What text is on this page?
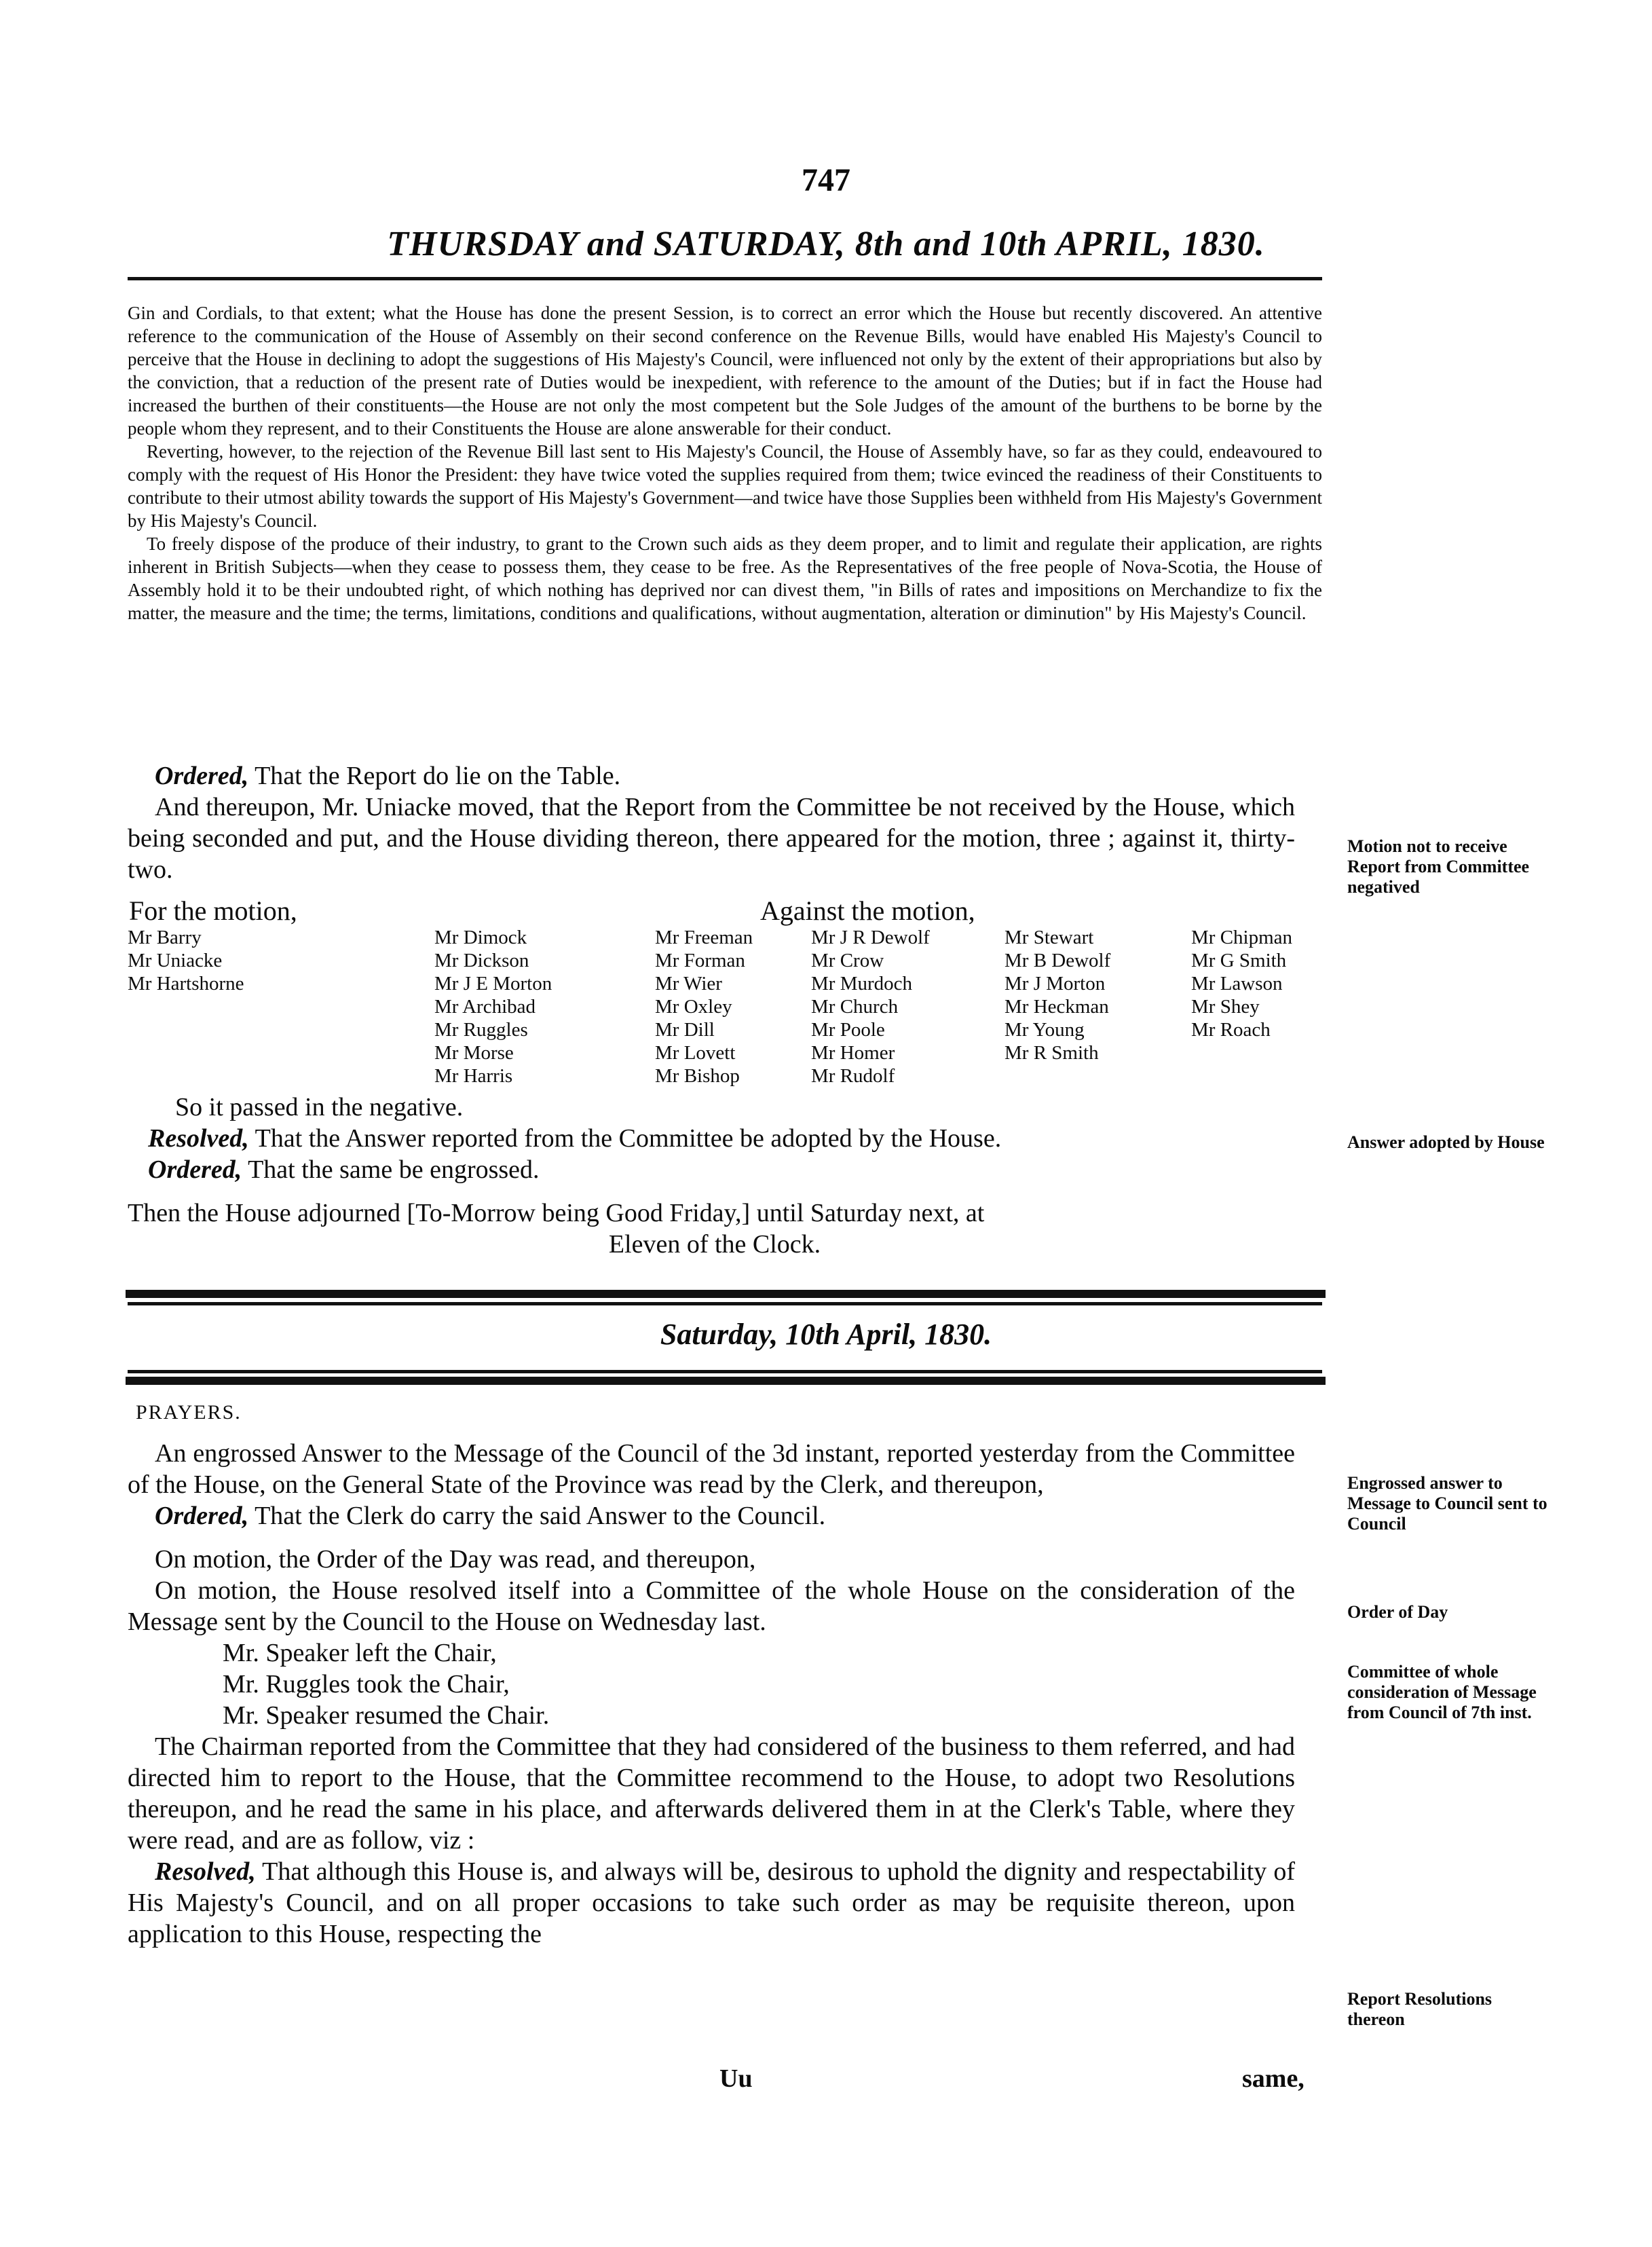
747
THURSDAY and SATURDAY, 8th and 10th APRIL, 1830.

Gin and Cordials, to that extent; what the House has done the present Session, is to correct an error which the House but recently discovered. An attentive reference to the communication of the House of Assembly on their second conference on the Revenue Bills, would have enabled His Majesty's Council to perceive that the House in declining to adopt the suggestions of His Majesty's Council, were influenced not only by the extent of their appropriations but also by the conviction, that a reduction of the present rate of Duties would be inexpedient, with reference to the amount of the Duties; but if in fact the House had increased the burthen of their constituents—the House are not only the most competent but the Sole Judges of the amount of the burthens to be borne by the people whom they represent, and to their Constituents the House are alone answerable for their conduct.

Reverting, however, to the rejection of the Revenue Bill last sent to His Majesty's Council, the House of Assembly have, so far as they could, endeavoured to comply with the request of His Honor the President: they have twice voted the supplies required from them; twice evinced the readiness of their Constituents to contribute to their utmost ability towards the support of His Majesty's Government—and twice have those Supplies been withheld from His Majesty's Government by His Majesty's Council.

To freely dispose of the produce of their industry, to grant to the Crown such aids as they deem proper, and to limit and regulate their application, are rights inherent in British Subjects—when they cease to possess them, they cease to be free. As the Representatives of the free people of Nova-Scotia, the House of Assembly hold it to be their undoubted right, of which nothing has deprived nor can divest them, "in Bills of rates and impositions on Merchandize to fix the matter, the measure and the time; the terms, limitations, conditions and qualifications, without augmentation, alteration or diminution" by His Majesty's Council.

Ordered, That the Report do lie on the Table.

And thereupon, Mr. Uniacke moved, that the Report from the Committee be not received by the House, which being seconded and put, and the House dividing thereon, there appeared for the motion, three ; against it, thirty-two.

Motion not to receive Report from Committee negatived
For the motion,	Against the motion,
Mr Barry
Mr Uniacke
Mr Hartshorne
Mr Dimock
Mr Dickson
Mr J E Morton
Mr Archibad
Mr Ruggles
Mr Morse
Mr Harris
Mr Freeman
Mr Forman
Mr Wier
Mr Oxley
Mr Dill
Mr Lovett
Mr Bishop
Mr J R Dewolf
Mr Crow
Mr Murdoch
Mr Church
Mr Poole
Mr Homer
Mr Rudolf
Mr Stewart
Mr B Dewolf
Mr J Morton
Mr Heckman
Mr Young
Mr R Smith
Mr Chipman
Mr G Smith
Mr Lawson
Mr Shey
Mr Roach

So it passed in the negative.

Resolved, That the Answer reported from the Committee be adopted by the House.

Ordered, That the same be engrossed.

Then the House adjourned [To-Morrow being Good Friday,] until Saturday next, at

Eleven of the Clock.

Answer adopted by House
Saturday, 10th April, 1830.
PRAYERS.

An engrossed Answer to the Message of the Council of the 3d instant, reported yesterday from the Committee of the House, on the General State of the Province was read by the Clerk, and thereupon,

Ordered, That the Clerk do carry the said Answer to the Council.

On motion, the Order of the Day was read, and thereupon,

On motion, the House resolved itself into a Committee of the whole House on the consideration of the Message sent by the Council to the House on Wednesday last.

Mr. Speaker left the Chair,

Mr. Ruggles took the Chair,

Mr. Speaker resumed the Chair.

The Chairman reported from the Committee that they had considered of the business to them referred, and had directed him to report to the House, that the Committee recommend to the House, to adopt two Resolutions thereupon, and he read the same in his place, and afterwards delivered them in at the Clerk's Table, where they were read, and are as follow, viz :

Resolved, That although this House is, and always will be, desirous to uphold the dignity and respectability of His Majesty's Council, and on all proper occasions to take such order as may be requisite thereon, upon application to this House, respecting the

Engrossed answer to Message to Council sent to Council
Order of Day
Committee of whole consideration of Message from Council of 7th inst.
Report Resolutions thereon
Uu	same,
